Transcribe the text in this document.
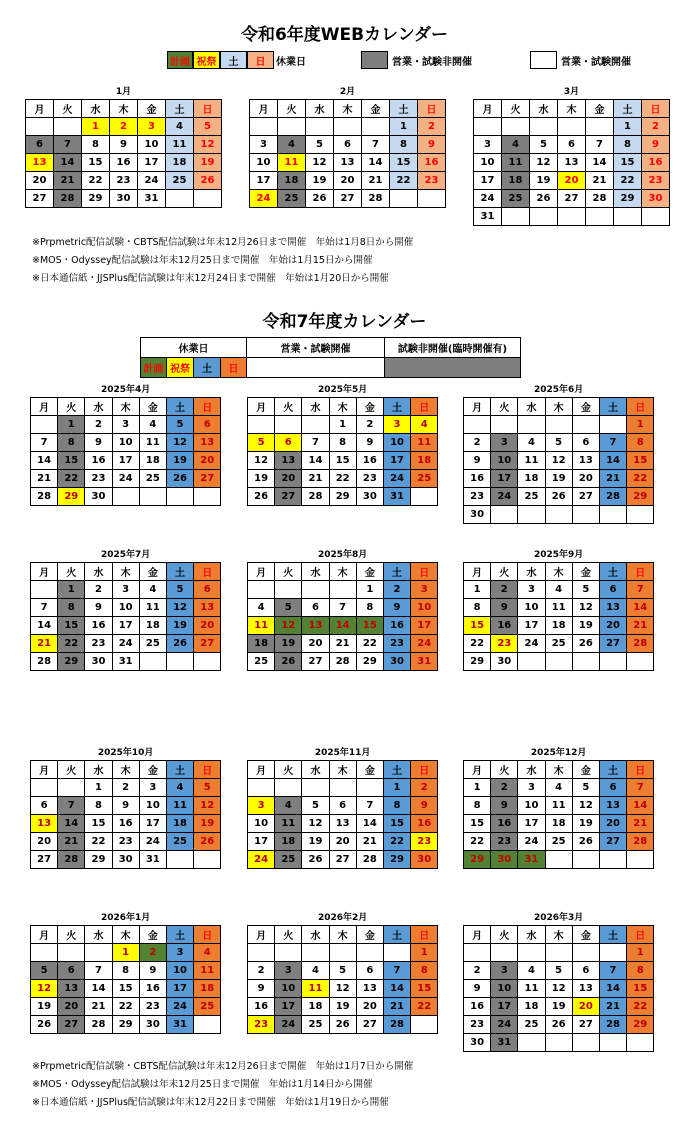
令和6年度WEBカレンダー
計画 祝祭	土	日	休業日	営業・試験非開催	営業・試験開催
1月
月	火	水	木	金	土	日
		1	2	3	4	5
6	7	8	9	10	11	12
13	14	15	16	17	18	19
20	21	22	23	24	25	26
27	28	29	30	31		
2月
月	火	水	木	金	土	日
					1	2
3	4	5	6	7	8	9
10	11	12	13	14	15	16
17	18	19	20	21	22	23
24	25	26	27	28		
3月
月	火	水	木	金	土	日
					1	2
3	4	5	6	7	8	9
10	11	12	13	14	15	16
17	18	19	20	21	22	23
24	25	26	27	28	29	30
31						
※Prpmetric配信試験・CBTS配信試験は年末12月26日まで開催　年始は1月8日から開催
※MOS・Odyssey配信試験は年末12月25日まで開催　年始は1月15日から開催
※日本通信紙・JJSPlus配信試験は年末12月24日まで開催　年始は1月20日から開催
令和7年度カレンダー
休業日				営業・試験開催	試験非開催(臨時開催有)
計画	祝祭	土	日		
2025年4月
月	火	水	木	金	土	日
	1	2	3	4	5	6
7	8	9	10	11	12	13
14	15	16	17	18	19	20
21	22	23	24	25	26	27
28	29	30				
2025年5月
月	火	水	木	金	土	日
			1	2	3	4
5	6	7	8	9	10	11
12	13	14	15	16	17	18
19	20	21	22	23	24	25
26	27	28	29	30	31	
2025年6月
月	火	水	木	金	土	日
						1
2	3	4	5	6	7	8
9	10	11	12	13	14	15
16	17	18	19	20	21	22
23	24	25	26	27	28	29
30						
2025年7月
月	火	水	木	金	土	日
	1	2	3	4	5	6
7	8	9	10	11	12	13
14	15	16	17	18	19	20
21	22	23	24	25	26	27
28	29	30	31			
2025年8月
月	火	水	木	金	土	日
				1	2	3
4	5	6	7	8	9	10
11	12	13	14	15	16	17
18	19	20	21	22	23	24
25	26	27	28	29	30	31
2025年9月
月	火	水	木	金	土	日
1	2	3	4	5	6	7
8	9	10	11	12	13	14
15	16	17	18	19	20	21
22	23	24	25	26	27	28
29	30					
2025年10月
月	火	水	木	金	土	日
		1	2	3	4	5
6	7	8	9	10	11	12
13	14	15	16	17	18	19
20	21	22	23	24	25	26
27	28	29	30	31		
2025年11月
月	火	水	木	金	土	日
					1	2
3	4	5	6	7	8	9
10	11	12	13	14	15	16
17	18	19	20	21	22	23
24	25	26	27	28	29	30
2025年12月
月	火	水	木	金	土	日
1	2	3	4	5	6	7
8	9	10	11	12	13	14
15	16	17	18	19	20	21
22	23	24	25	26	27	28
29	30	31				
2026年1月
月	火	水	木	金	土	日
			1	2	3	4
5	6	7	8	9	10	11
12	13	14	15	16	17	18
19	20	21	22	23	24	25
26	27	28	29	30	31	
2026年2月
月	火	水	木	金	土	日
						1
2	3	4	5	6	7	8
9	10	11	12	13	14	15
16	17	18	19	20	21	22
23	24	25	26	27	28	
2026年3月
月	火	水	木	金	土	日
						1
2	3	4	5	6	7	8
9	10	11	12	13	14	15
16	17	18	19	20	21	22
23	24	25	26	27	28	29
30	31					
※Prpmetric配信試験・CBTS配信試験は年末12月26日まで開催　年始は1月7日から開催
※MOS・Odyssey配信試験は年末12月25日まで開催　年始は1月14日から開催
※日本通信紙・JJSPlus配信試験は年末12月22日まで開催　年始は1月19日から開催
